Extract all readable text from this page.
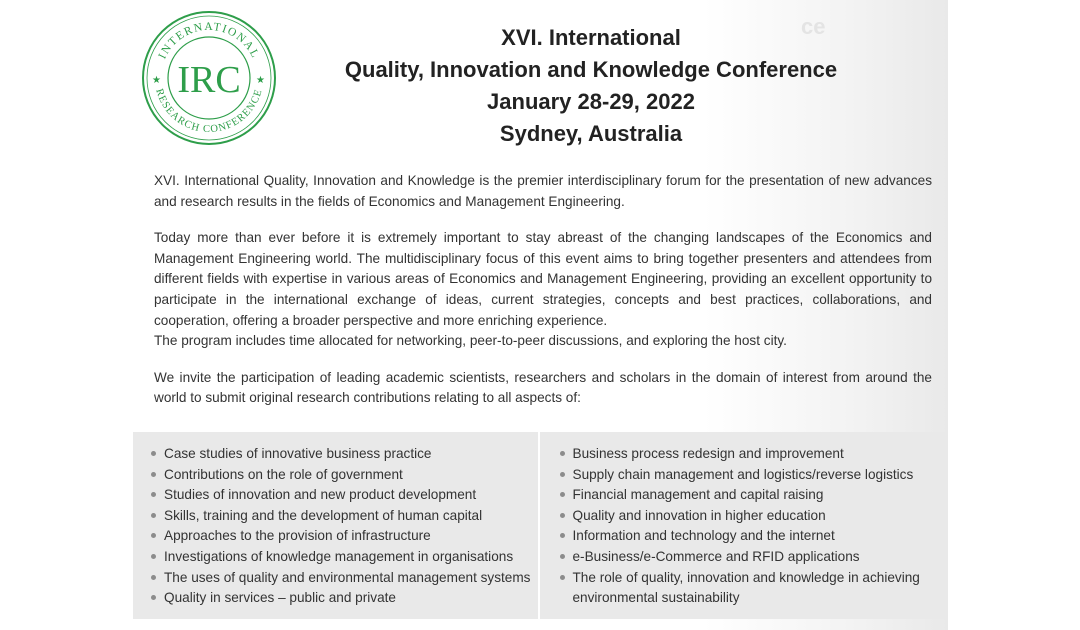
ce
INTERNATIONAL
RESEARCH CONFERENCE
★	★
IRC
XVI. International
Quality, Innovation and Knowledge Conference
January 28-29, 2022
Sydney, Australia

XVI. International Quality, Innovation and Knowledge is the premier interdisciplinary forum for the presentation of new advances and research results in the fields of Economics and Management Engineering.

Today more than ever before it is extremely important to stay abreast of the changing landscapes of the Economics and Management Engineering world. The multidisciplinary focus of this event aims to bring together presenters and attendees from different fields with expertise in various areas of Economics and Management Engineering, providing an excellent opportunity to participate in the international exchange of ideas, current strategies, concepts and best practices, collaborations, and cooperation, offering a broader perspective and more enriching experience.

The program includes time allocated for networking, peer-to-peer discussions, and exploring the host city.

We invite the participation of leading academic scientists, researchers and scholars in the domain of interest from around the world to submit original research contributions relating to all aspects of:

Case studies of innovative business practice
Contributions on the role of government
Studies of innovation and new product development
Skills, training and the development of human capital
Approaches to the provision of infrastructure
Investigations of knowledge management in organisations
The uses of quality and environmental management systems
Quality in services – public and private
Business process redesign and improvement
Supply chain management and logistics/reverse logistics
Financial management and capital raising
Quality and innovation in higher education
Information and technology and the internet
e-Business/e-Commerce and RFID applications
The role of quality, innovation and knowledge in achieving environmental sustainability
